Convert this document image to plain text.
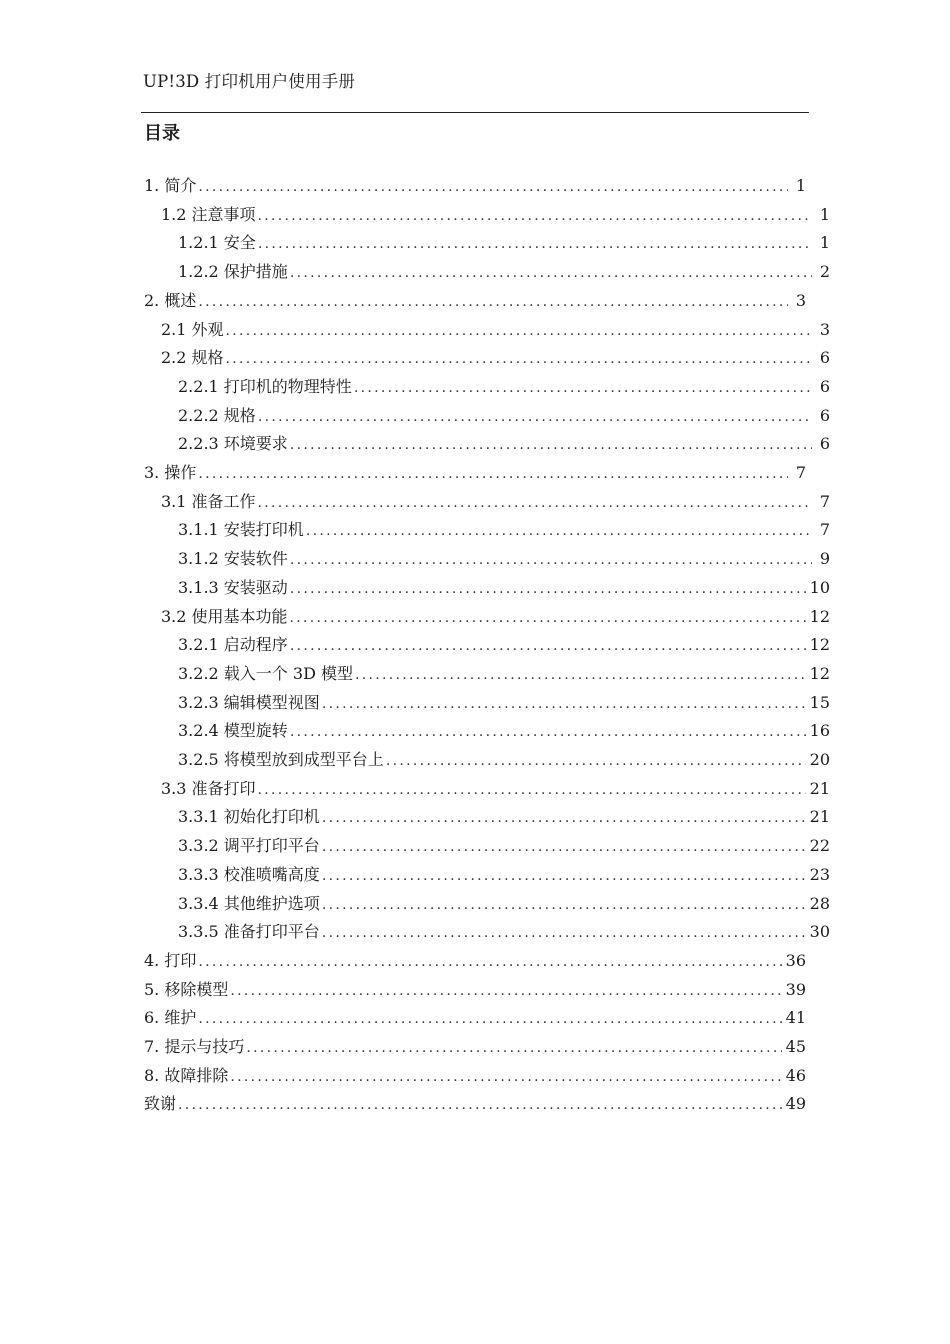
UP!3D 打印机用户使用手册
目录
1. 简介 .....	1
1.2 注意事项 .....	1
1.2.1 安全 .....	1
1.2.2 保护措施 .....	2
2. 概述 .....	3
2.1 外观 .....	3
2.2 规格 .....	6
2.2.1 打印机的物理特性 .....	6
2.2.2 规格 .....	6
2.2.3 环境要求 .....	6
3. 操作 .....	7
3.1 准备工作 .....	7
3.1.1 安装打印机 .....	7
3.1.2 安装软件 .....	9
3.1.3 安装驱动 .....	10
3.2 使用基本功能 .....	12
3.2.1 启动程序 .....	12
3.2.2 载入一个 3D 模型 .....	12
3.2.3 编辑模型视图 .....	15
3.2.4 模型旋转 .....	16
3.2.5 将模型放到成型平台上 .....	20
3.3 准备打印 .....	21
3.3.1 初始化打印机 .....	21
3.3.2 调平打印平台 .....	22
3.3.3 校准喷嘴高度 .....	23
3.3.4 其他维护选项 .....	28
3.3.5 准备打印平台 .....	30
4. 打印 .....	36
5. 移除模型 .....	39
6. 维护 .....	41
7. 提示与技巧 .....	45
8. 故障排除 .....	46
致谢 .....	49
